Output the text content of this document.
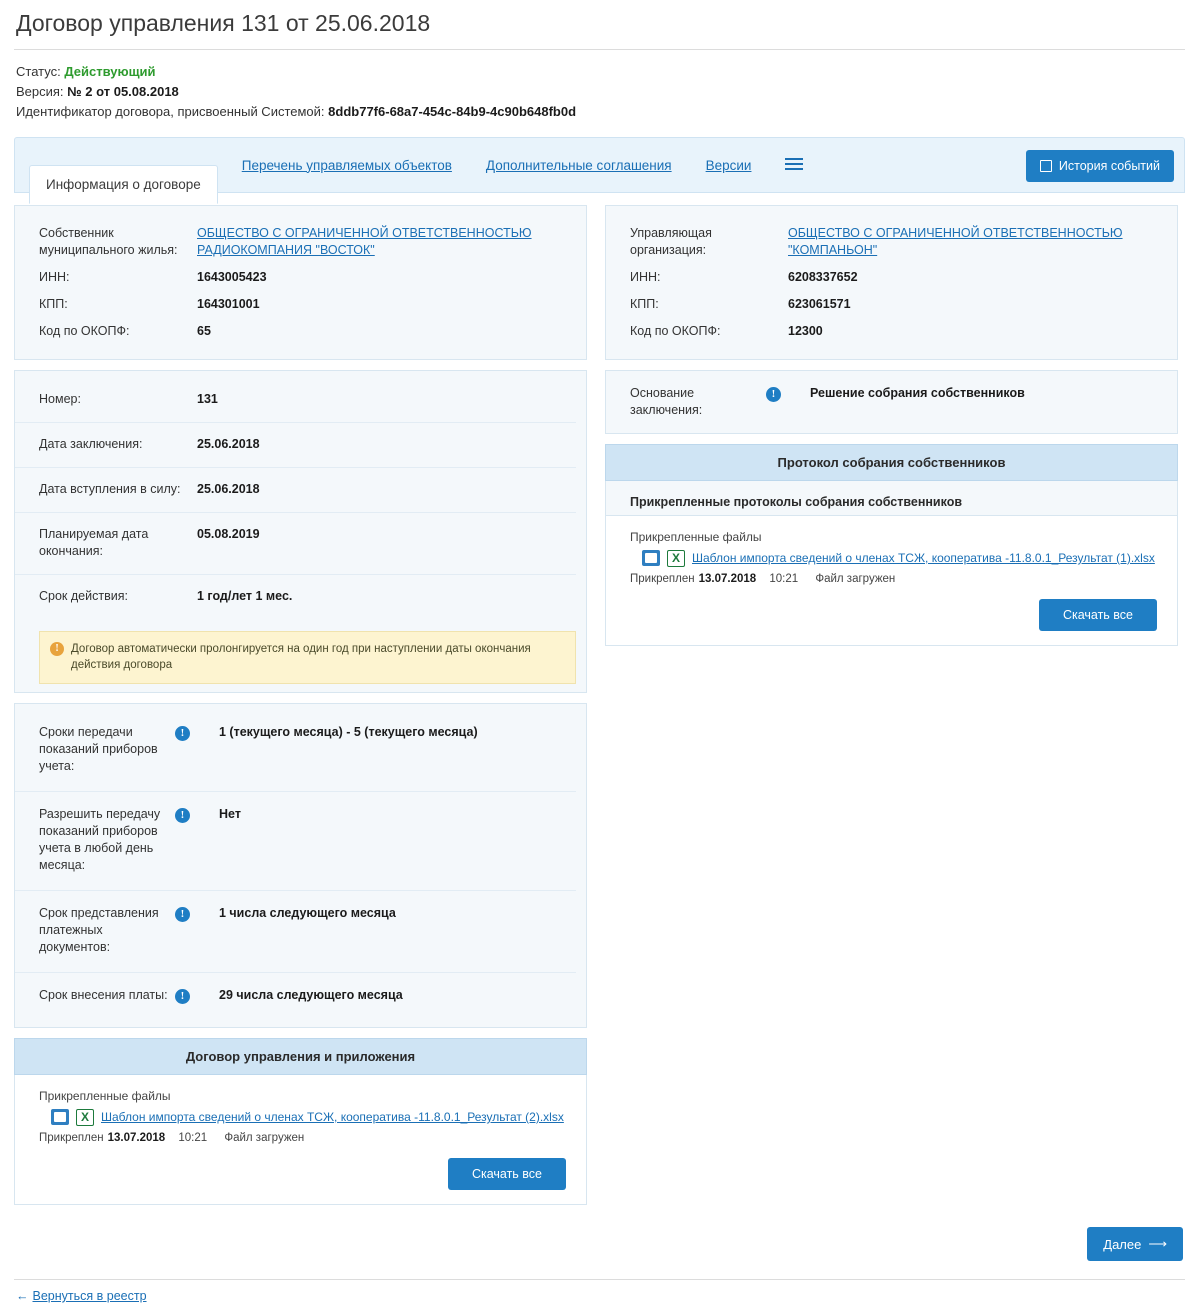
Договор управления 131 от 25.06.2018
Статус: Действующий
Версия: № 2 от 05.08.2018
Идентификатор договора, присвоенный Системой: 8ddb77f6-68a7-454c-84b9-4c90b648fb0d
Информация о договоре
Перечень управляемых объектов	Дополнительные соглашения	Версии	История событий
Собственник муниципального жилья:
ОБЩЕСТВО С ОГРАНИЧЕННОЙ ОТВЕТСТВЕННОСТЬЮ РАДИОКОМПАНИЯ "ВОСТОК"
ИНН:	1643005423
КПП:	164301001
Код по ОКОПФ:	65
Номер:	131
Дата заключения:	25.06.2018
Дата вступления в силу:	25.06.2018
Планируемая дата окончания:
05.08.2019
Срок действия:	1 год/лет 1 мес.
!	Договор автоматически пролонгируется на один год при наступлении даты окончания действия договора
Сроки передачи показаний приборов учета:
!	1 (текущего месяца) - 5 (текущего месяца)
Разрешить передачу показаний приборов учета в любой день месяца:
!	Нет
Срок представления платежных документов:
!	1 числа следующего месяца
Срок внесения платы:	!	29 числа следующего месяца
Договор управления и приложения
Прикрепленные файлы
X	Шаблон импорта сведений о членах ТСЖ, кооператива -11.8.0.1_Результат (2).xlsx
Прикреплен 13.07.2018 10:21 Файл загружен
Скачать все
Управляющая организация:
ОБЩЕСТВО С ОГРАНИЧЕННОЙ ОТВЕТСТВЕННОСТЬЮ "КОМПАНЬОН"
ИНН:	6208337652
КПП:	623061571
Код по ОКОПФ:	12300
Основание заключения:
!	Решение собрания собственников
Протокол собрания собственников
Прикрепленные протоколы собрания собственников
Прикрепленные файлы
X	Шаблон импорта сведений о членах ТСЖ, кооператива -11.8.0.1_Результат (1).xlsx
Прикреплен 13.07.2018 10:21 Файл загружен
Скачать все
Далее ⟶
← Вернуться в реестр
